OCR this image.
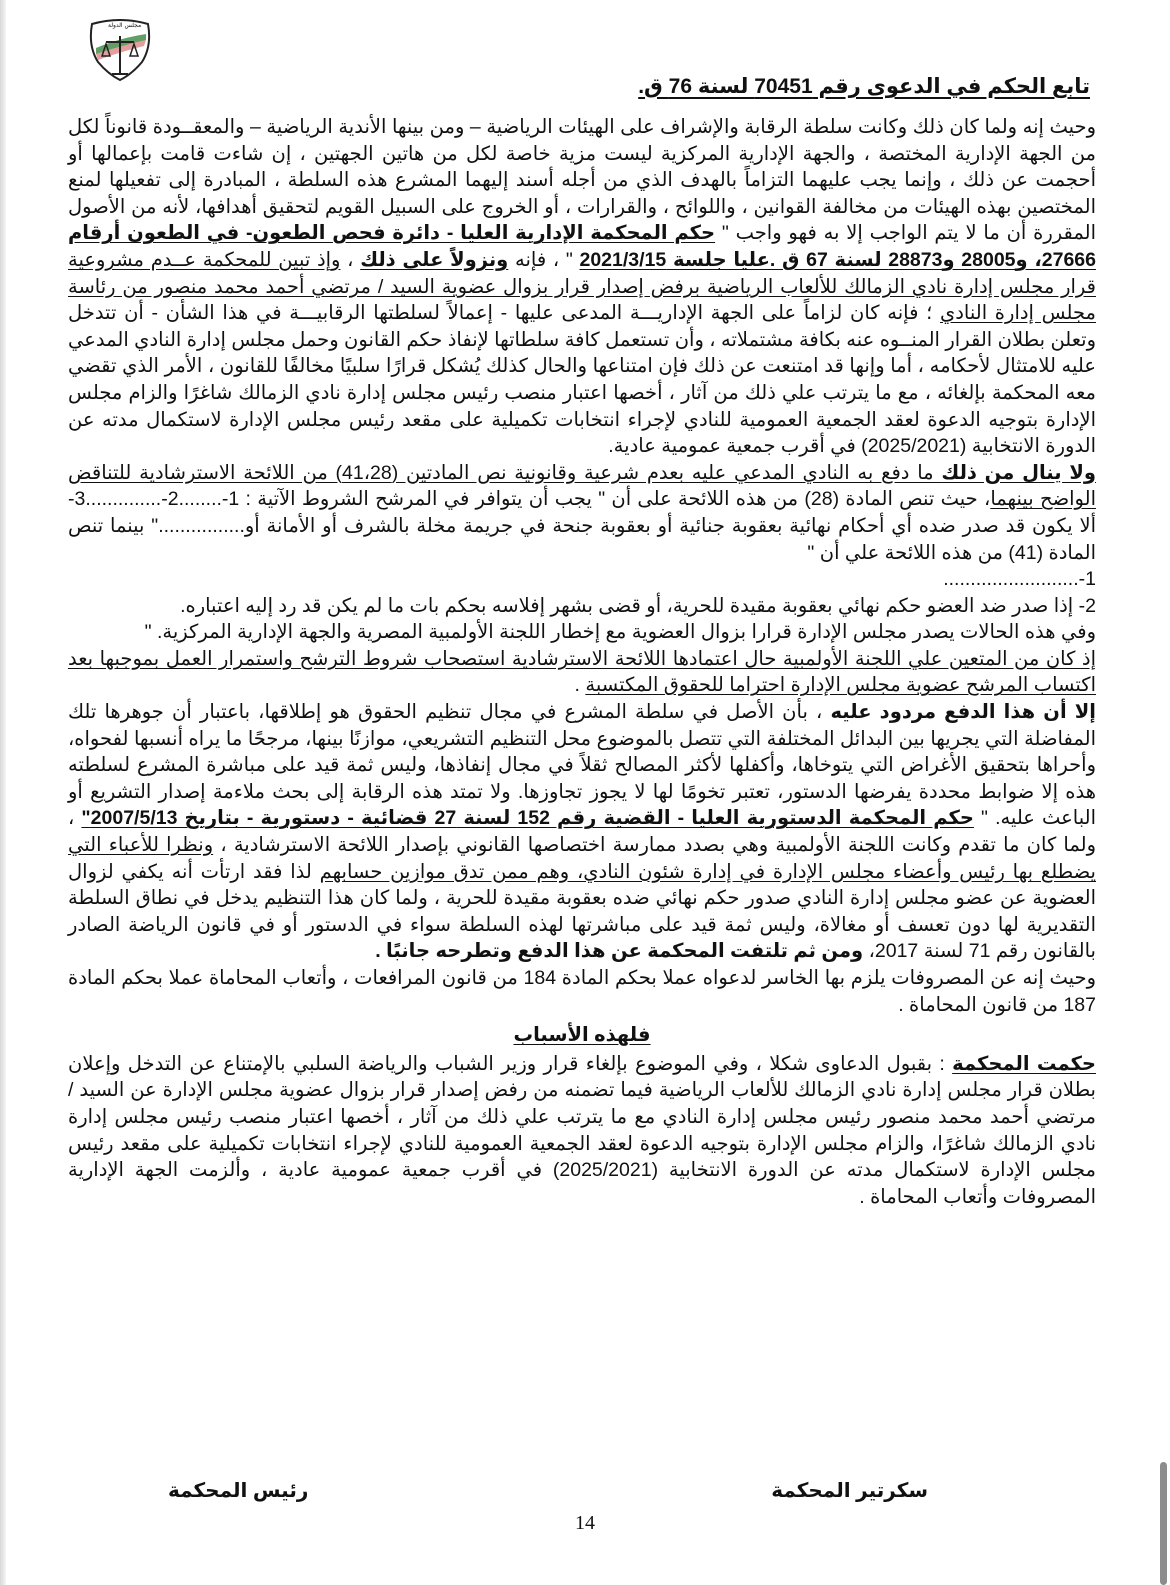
مجلس الدولة
تابع الحكم في الدعوى رقم 70451 لسنة 76 ق.

وحيث إنه ولما كان ذلك وكانت سلطة الرقابة والإشراف على الهيئات الرياضية – ومن بينها الأندية الرياضية – والمعقــودة قانوناً لكل من الجهة الإدارية المختصة ، والجهة الإدارية المركزية ليست مزية خاصة لكل من هاتين الجهتين ، إن شاءت قامت بإعمالها أو أحجمت عن ذلك ، وإنما يجب عليهما التزاماً بالهدف الذي من أجله أسند إليهما المشرع هذه السلطة ، المبادرة إلى تفعيلها لمنع المختصين بهذه الهيئات من مخالفة القوانين ، واللوائح ، والقرارات ، أو الخروج على السبيل القويم لتحقيق أهدافها، لأنه من الأصول المقررة أن ما لا يتم الواجب إلا به فهو واجب " حكم المحكمة الإدارية العليا - دائرة فحص الطعون- في الطعون أرقام 27666، و28005 و28873 لسنة 67 ق .عليا جلسة 2021/3/15 " ، فإنه ونزولاً على ذلك ، وإذ تبين للمحكمة عــدم مشروعية قرار مجلس إدارة نادي الزمالك للألعاب الرياضية برفض إصدار قرار بزوال عضوية السيد / مرتضي أحمد محمد منصور من رئاسة مجلس إدارة النادي ؛ فإنه كان لزاماً على الجهة الإداريـــة المدعى عليها - إعمالاً لسلطتها الرقابيـــة في هذا الشأن - أن تتدخل وتعلن بطلان القرار المنــوه عنه بكافة مشتملاته ، وأن تستعمل كافة سلطاتها لإنفاذ حكم القانون وحمل مجلس إدارة النادي المدعي عليه للامتثال لأحكامه ، أما وإنها قد امتنعت عن ذلك فإن امتناعها والحال كذلك يُشكل قرارًا سلبيًا مخالفًا للقانون ، الأمر الذي تقضي معه المحكمة بإلغائه ، مع ما يترتب علي ذلك من آثار ، أخصها اعتبار منصب رئيس مجلس إدارة نادي الزمالك شاغرًا والزام مجلس الإدارة بتوجيه الدعوة لعقد الجمعية العمومية للنادي لإجراء انتخابات تكميلية على مقعد رئيس مجلس الإدارة لاستكمال مدته عن الدورة الانتخابية (2025/2021) في أقرب جمعية عمومية عادية.

ولا ينال من ذلك ما دفع به النادي المدعي عليه بعدم شرعية وقانونية نص المادتين (41،28) من اللائحة الاسترشادية للتناقض الواضح بينهما، حيث تنص المادة (28) من هذه اللائحة على أن " يجب أن يتوافر في المرشح الشروط الآتية : 1-........2-..............3- ألا يكون قد صدر ضده أي أحكام نهائية بعقوبة جنائية أو بعقوبة جنحة في جريمة مخلة بالشرف أو الأمانة أو................" بينما تنص المادة (41) من هذه اللائحة علي أن "

1-.........................

2- إذا صدر ضد العضو حكم نهائي بعقوبة مقيدة للحرية، أو قضى بشهر إفلاسه بحكم بات ما لم يكن قد رد إليه اعتباره.

وفي هذه الحالات يصدر مجلس الإدارة قرارا بزوال العضوية مع إخطار اللجنة الأولمبية المصرية والجهة الإدارية المركزية. "

إذ كان من المتعين علي اللجنة الأولمبية حال اعتمادها اللائحة الاسترشادية استصحاب شروط الترشح واستمرار العمل بموجبها بعد اكتساب المرشح عضوية مجلس الإدارة احتراما للحقوق المكتسبة .

إلا أن هذا الدفع مردود عليه ، بأن الأصل في سلطة المشرع في مجال تنظيم الحقوق هو إطلاقها، باعتبار أن جوهرها تلك المفاضلة التي يجريها بين البدائل المختلفة التي تتصل بالموضوع محل التنظيم التشريعي، موازنًا بينها، مرجحًا ما يراه أنسبها لفحواه، وأحراها بتحقيق الأغراض التي يتوخاها، وأكفلها لأكثر المصالح ثقلاً في مجال إنفاذها، وليس ثمة قيد على مباشرة المشرع لسلطته هذه إلا ضوابط محددة يفرضها الدستور، تعتبر تخومًا لها لا يجوز تجاوزها. ولا تمتد هذه الرقابة إلى بحث ملاءمة إصدار التشريع أو الباعث عليه. " حكم المحكمة الدستورية العليا - القضية رقم 152 لسنة 27 قضائية - دستورية - بتاريخ 2007/5/13" ، ولما كان ما تقدم وكانت اللجنة الأولمبية وهي بصدد ممارسة اختصاصها القانوني بإصدار اللائحة الاسترشادية ، ونظرا للأعباء التي يضطلع بها رئيس وأعضاء مجلس الإدارة في إدارة شئون النادي، وهم ممن تدق موازين حسابهم لذا فقد ارتأت أنه يكفي لزوال العضوية عن عضو مجلس إدارة النادي صدور حكم نهائي ضده بعقوبة مقيدة للحرية ، ولما كان هذا التنظيم يدخل في نطاق السلطة التقديرية لها دون تعسف أو مغالاة، وليس ثمة قيد على مباشرتها لهذه السلطة سواء في الدستور أو في قانون الرياضة الصادر بالقانون رقم 71 لسنة 2017، ومن ثم تلتفت المحكمة عن هذا الدفع وتطرحه جانبًا .

وحيث إنه عن المصروفات يلزم بها الخاسر لدعواه عملا بحكم المادة 184 من قانون المرافعات ، وأتعاب المحاماة عملا بحكم المادة 187 من قانون المحاماة .

فلهذه الأسباب

حكمت المحكمة : بقبول الدعاوى شكلا ، وفي الموضوع بإلغاء قرار وزير الشباب والرياضة السلبي بالإمتناع عن التدخل وإعلان بطلان قرار مجلس إدارة نادي الزمالك للألعاب الرياضية فيما تضمنه من رفض إصدار قرار بزوال عضوية مجلس الإدارة عن السيد / مرتضي أحمد محمد منصور رئيس مجلس إدارة النادي مع ما يترتب علي ذلك من آثار ، أخصها اعتبار منصب رئيس مجلس إدارة نادي الزمالك شاغرًا، والزام مجلس الإدارة بتوجيه الدعوة لعقد الجمعية العمومية للنادي لإجراء انتخابات تكميلية على مقعد رئيس مجلس الإدارة لاستكمال مدته عن الدورة الانتخابية (2025/2021) في أقرب جمعية عمومية عادية ، وألزمت الجهة الإدارية المصروفات وأتعاب المحاماة .

سكرتير المحكمة
رئيس المحكمة
14
